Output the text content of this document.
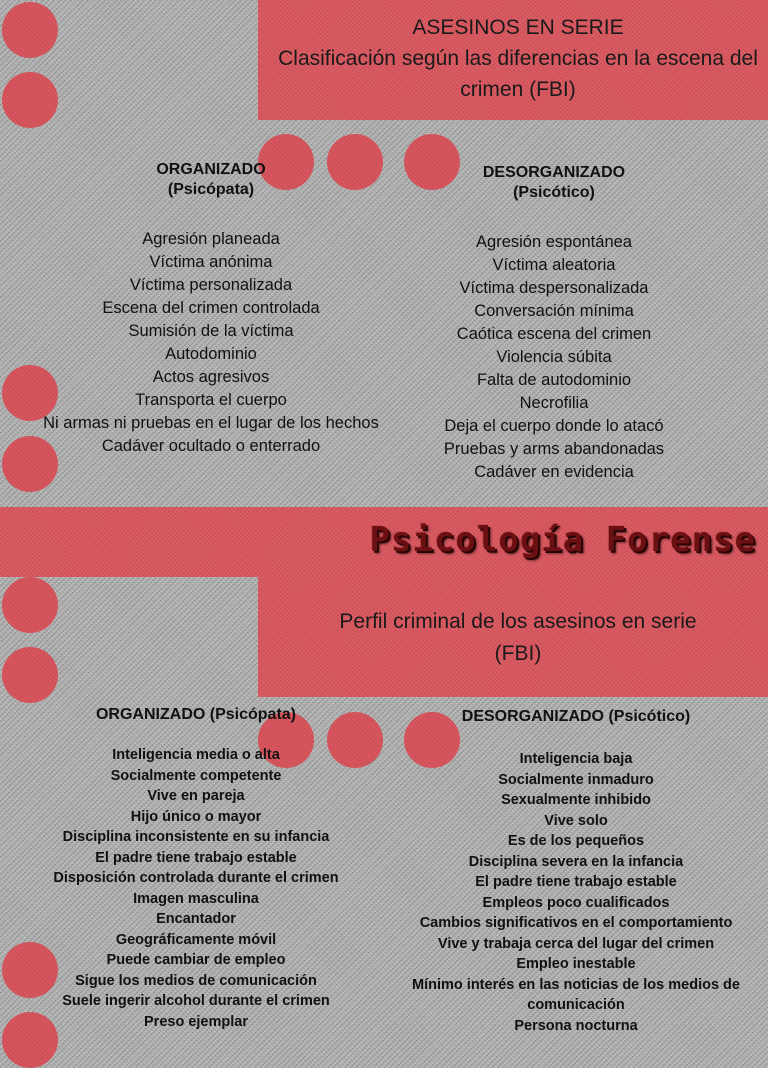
ASESINOS EN SERIE
Clasificación según las diferencias en la escena del crimen (FBI)
ORGANIZADO
(Psicópata)
Agresión planeada
Víctima anónima
Víctima personalizada
Escena del crimen controlada
Sumisión de la víctima
Autodominio
Actos agresivos
Transporta el cuerpo
Ni armas ni pruebas en el lugar de los hechos
Cadáver ocultado o enterrado
DESORGANIZADO
(Psicótico)
Agresión espontánea
Víctima aleatoria
Víctima despersonalizada
Conversación mínima
Caótica escena del crimen
Violencia súbita
Falta de autodominio
Necrofilia
Deja el cuerpo donde lo atacó
Pruebas y arms abandonadas
Cadáver en evidencia
Psicología Forense
Perfil criminal de los asesinos en serie
(FBI)
ORGANIZADO (Psicópata)
Inteligencia media o alta
Socialmente competente
Vive en pareja
Hijo único o mayor
Disciplina inconsistente en su infancia
El padre tiene trabajo estable
Disposición controlada durante el crimen
Imagen masculina
Encantador
Geográficamente móvil
Puede cambiar de empleo
Sigue los medios de comunicación
Suele ingerir alcohol durante el crimen
Preso ejemplar
DESORGANIZADO (Psicótico)
Inteligencia baja
Socialmente inmaduro
Sexualmente inhibido
Vive solo
Es de los pequeños
Disciplina severa en la infancia
El padre tiene trabajo estable
Empleos poco cualificados
Cambios significativos en el comportamiento
Vive y trabaja cerca del lugar del crimen
Empleo inestable
Mínimo interés en las noticias de los medios de comunicación
Persona nocturna
